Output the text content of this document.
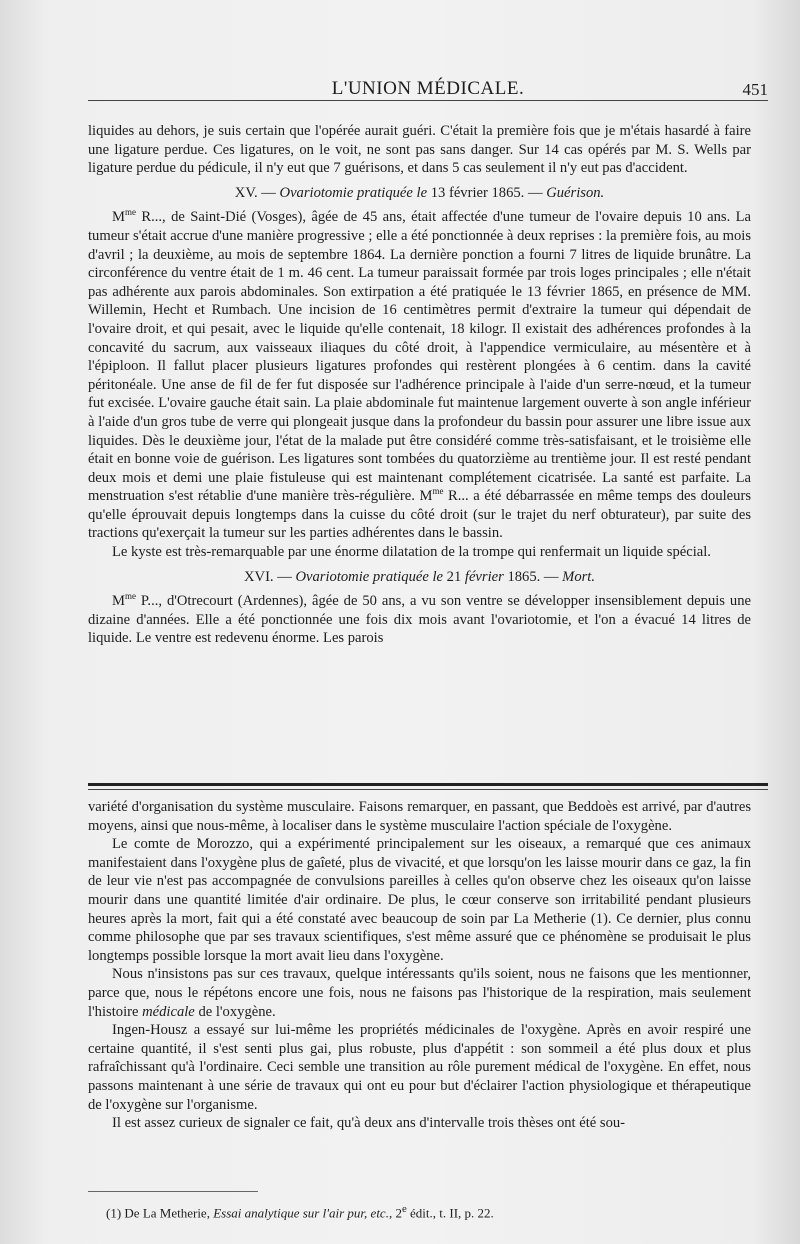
L'UNION MÉDICALE.	451

liquides au dehors, je suis certain que l'opérée aurait guéri. C'était la première fois que je m'étais hasardé à faire une ligature perdue. Ces ligatures, on le voit, ne sont pas sans danger. Sur 14 cas opérés par M. S. Wells par ligature perdue du pédicule, il n'y eut que 7 guérisons, et dans 5 cas seulement il n'y eut pas d'accident.

XV. — Ovariotomie pratiquée le 13 février 1865. — Guérison.

$M^{me}$ R..., de Saint-Dié (Vosges), âgée de 45 ans, était affectée d'une tumeur de l'ovaire depuis 10 ans. La tumeur s'était accrue d'une manière progressive ; elle a été ponctionnée à deux reprises : la première fois, au mois d'avril ; la deuxième, au mois de septembre 1864. La dernière ponction a fourni 7 litres de liquide brunâtre. La circonférence du ventre était de 1 m. 46 cent. La tumeur paraissait formée par trois loges principales ; elle n'était pas adhérente aux parois abdominales. Son extirpation a été pratiquée le 13 février 1865, en présence de MM. Willemin, Hecht et Rumbach. Une incision de 16 centimètres permit d'extraire la tumeur qui dépendait de l'ovaire droit, et qui pesait, avec le liquide qu'elle contenait, 18 kilogr. Il existait des adhérences profondes à la concavité du sacrum, aux vaisseaux iliaques du côté droit, à l'appendice vermiculaire, au mésentère et à l'épiploon. Il fallut placer plusieurs ligatures profondes qui restèrent plongées à 6 centim. dans la cavité péritonéale. Une anse de fil de fer fut disposée sur l'adhérence principale à l'aide d'un serre-nœud, et la tumeur fut excisée. L'ovaire gauche était sain. La plaie abdominale fut maintenue largement ouverte à son angle inférieur à l'aide d'un gros tube de verre qui plongeait jusque dans la profondeur du bassin pour assurer une libre issue aux liquides. Dès le deuxième jour, l'état de la malade put être considéré comme très-satisfaisant, et le troisième elle était en bonne voie de guérison. Les ligatures sont tombées du quatorzième au trentième jour. Il est resté pendant deux mois et demi une plaie fistuleuse qui est maintenant complétement cicatrisée. La santé est parfaite. La menstruation s'est rétablie d'une manière très-régulière. $M^{me}$ R... a été débarrassée en même temps des douleurs qu'elle éprouvait depuis longtemps dans la cuisse du côté droit (sur le trajet du nerf obturateur), par suite des tractions qu'exerçait la tumeur sur les parties adhérentes dans le bassin.

Le kyste est très-remarquable par une énorme dilatation de la trompe qui renfermait un liquide spécial.

XVI. — Ovariotomie pratiquée le 21 février 1865. — Mort.

$M^{me}$ P..., d'Otrecourt (Ardennes), âgée de 50 ans, a vu son ventre se développer insensiblement depuis une dizaine d'années. Elle a été ponctionnée une fois dix mois avant l'ovariotomie, et l'on a évacué 14 litres de liquide. Le ventre est redevenu énorme. Les parois

variété d'organisation du système musculaire. Faisons remarquer, en passant, que Beddoès est arrivé, par d'autres moyens, ainsi que nous-même, à localiser dans le système musculaire l'action spéciale de l'oxygène.

Le comte de Morozzo, qui a expérimenté principalement sur les oiseaux, a remarqué que ces animaux manifestaient dans l'oxygène plus de gaîeté, plus de vivacité, et que lorsqu'on les laisse mourir dans ce gaz, la fin de leur vie n'est pas accompagnée de convulsions pareilles à celles qu'on observe chez les oiseaux qu'on laisse mourir dans une quantité limitée d'air ordinaire. De plus, le cœur conserve son irritabilité pendant plusieurs heures après la mort, fait qui a été constaté avec beaucoup de soin par La Metherie (1). Ce dernier, plus connu comme philosophe que par ses travaux scientifiques, s'est même assuré que ce phénomène se produisait le plus longtemps possible lorsque la mort avait lieu dans l'oxygène.

Nous n'insistons pas sur ces travaux, quelque intéressants qu'ils soient, nous ne faisons que les mentionner, parce que, nous le répétons encore une fois, nous ne faisons pas l'historique de la respiration, mais seulement l'histoire médicale de l'oxygène.

Ingen-Housz a essayé sur lui-même les propriétés médicinales de l'oxygène. Après en avoir respiré une certaine quantité, il s'est senti plus gai, plus robuste, plus d'appétit : son sommeil a été plus doux et plus rafraîchissant qu'à l'ordinaire. Ceci semble une transition au rôle purement médical de l'oxygène. En effet, nous passons maintenant à une série de travaux qui ont eu pour but d'éclairer l'action physiologique et thérapeutique de l'oxygène sur l'organisme.

Il est assez curieux de signaler ce fait, qu'à deux ans d'intervalle trois thèses ont été sou-

(1) De La Metherie, Essai analytique sur l'air pur, etc., 2e édit., t. II, p. 22.
